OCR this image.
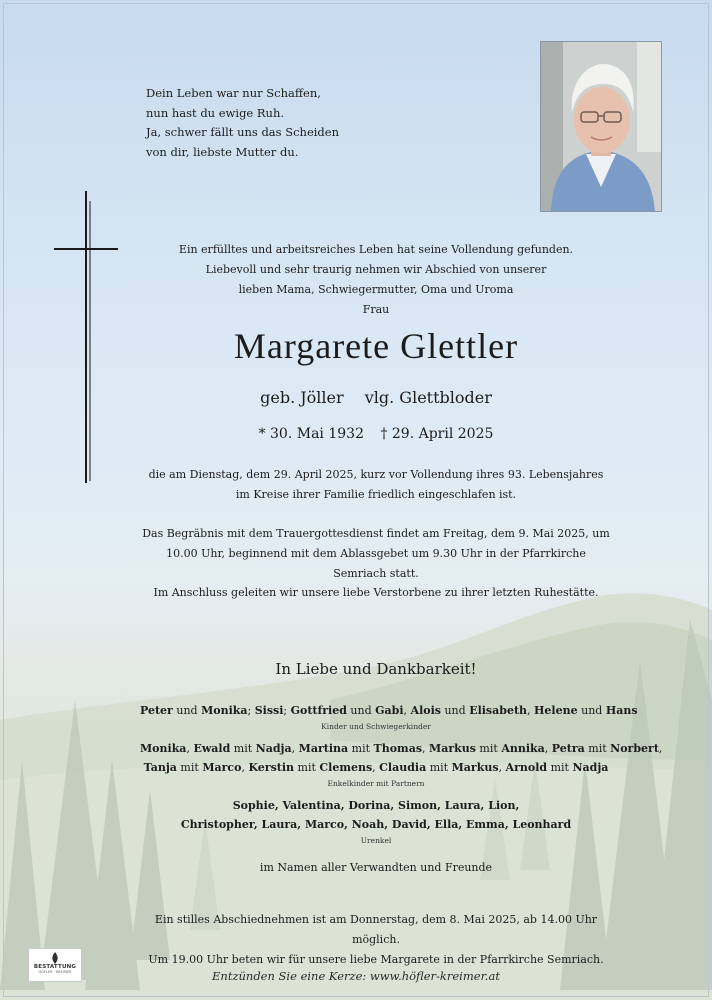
Dein Leben war nur Schaffen,
nun hast du ewige Ruh.
Ja, schwer fällt uns das Scheiden
von dir, liebste Mutter du.
Ein erfülltes und arbeitsreiches Leben hat seine Vollendung gefunden.
Liebevoll und sehr traurig nehmen wir Abschied von unserer
lieben Mama, Schwiegermutter, Oma und Uroma
Frau
Margarete Glettler
geb. Jöller vlg. Glettbloder
* 30. Mai 1932 † 29. April 2025
die am Dienstag, dem 29. April 2025, kurz vor Vollendung ihres 93. Lebensjahres
im Kreise ihrer Familie friedlich eingeschlafen ist.
Das Begräbnis mit dem Trauergottesdienst findet am Freitag, dem 9. Mai 2025, um
10.00 Uhr, beginnend mit dem Ablassgebet um 9.30 Uhr in der Pfarrkirche Semriach statt.
Im Anschluss geleiten wir unsere liebe Verstorbene zu ihrer letzten Ruhestätte.
In Liebe und Dankbarkeit!
Peter und Monika; Sissi; Gottfried und Gabi, Alois und Elisabeth, Helene und Hans
Kinder und Schwiegerkinder
Monika, Ewald mit Nadja, Martina mit Thomas, Markus mit Annika, Petra mit Norbert,
Tanja mit Marco, Kerstin mit Clemens, Claudia mit Markus, Arnold mit Nadja
Enkelkinder mit Partnern
Sophie, Valentina, Dorina, Simon, Laura, Lion,
Christopher, Laura, Marco, Noah, David, Ella, Emma, Leonhard
Urenkel
im Namen aller Verwandten und Freunde
Ein stilles Abschiednehmen ist am Donnerstag, dem 8. Mai 2025, ab 14.00 Uhr möglich.
Um 19.00 Uhr beten wir für unsere liebe Margarete in der Pfarrkirche Semriach.
BESTATTUNG
HÖFLER · KREIMER	Entzünden Sie eine Kerze: www.höfler-kreimer.at
